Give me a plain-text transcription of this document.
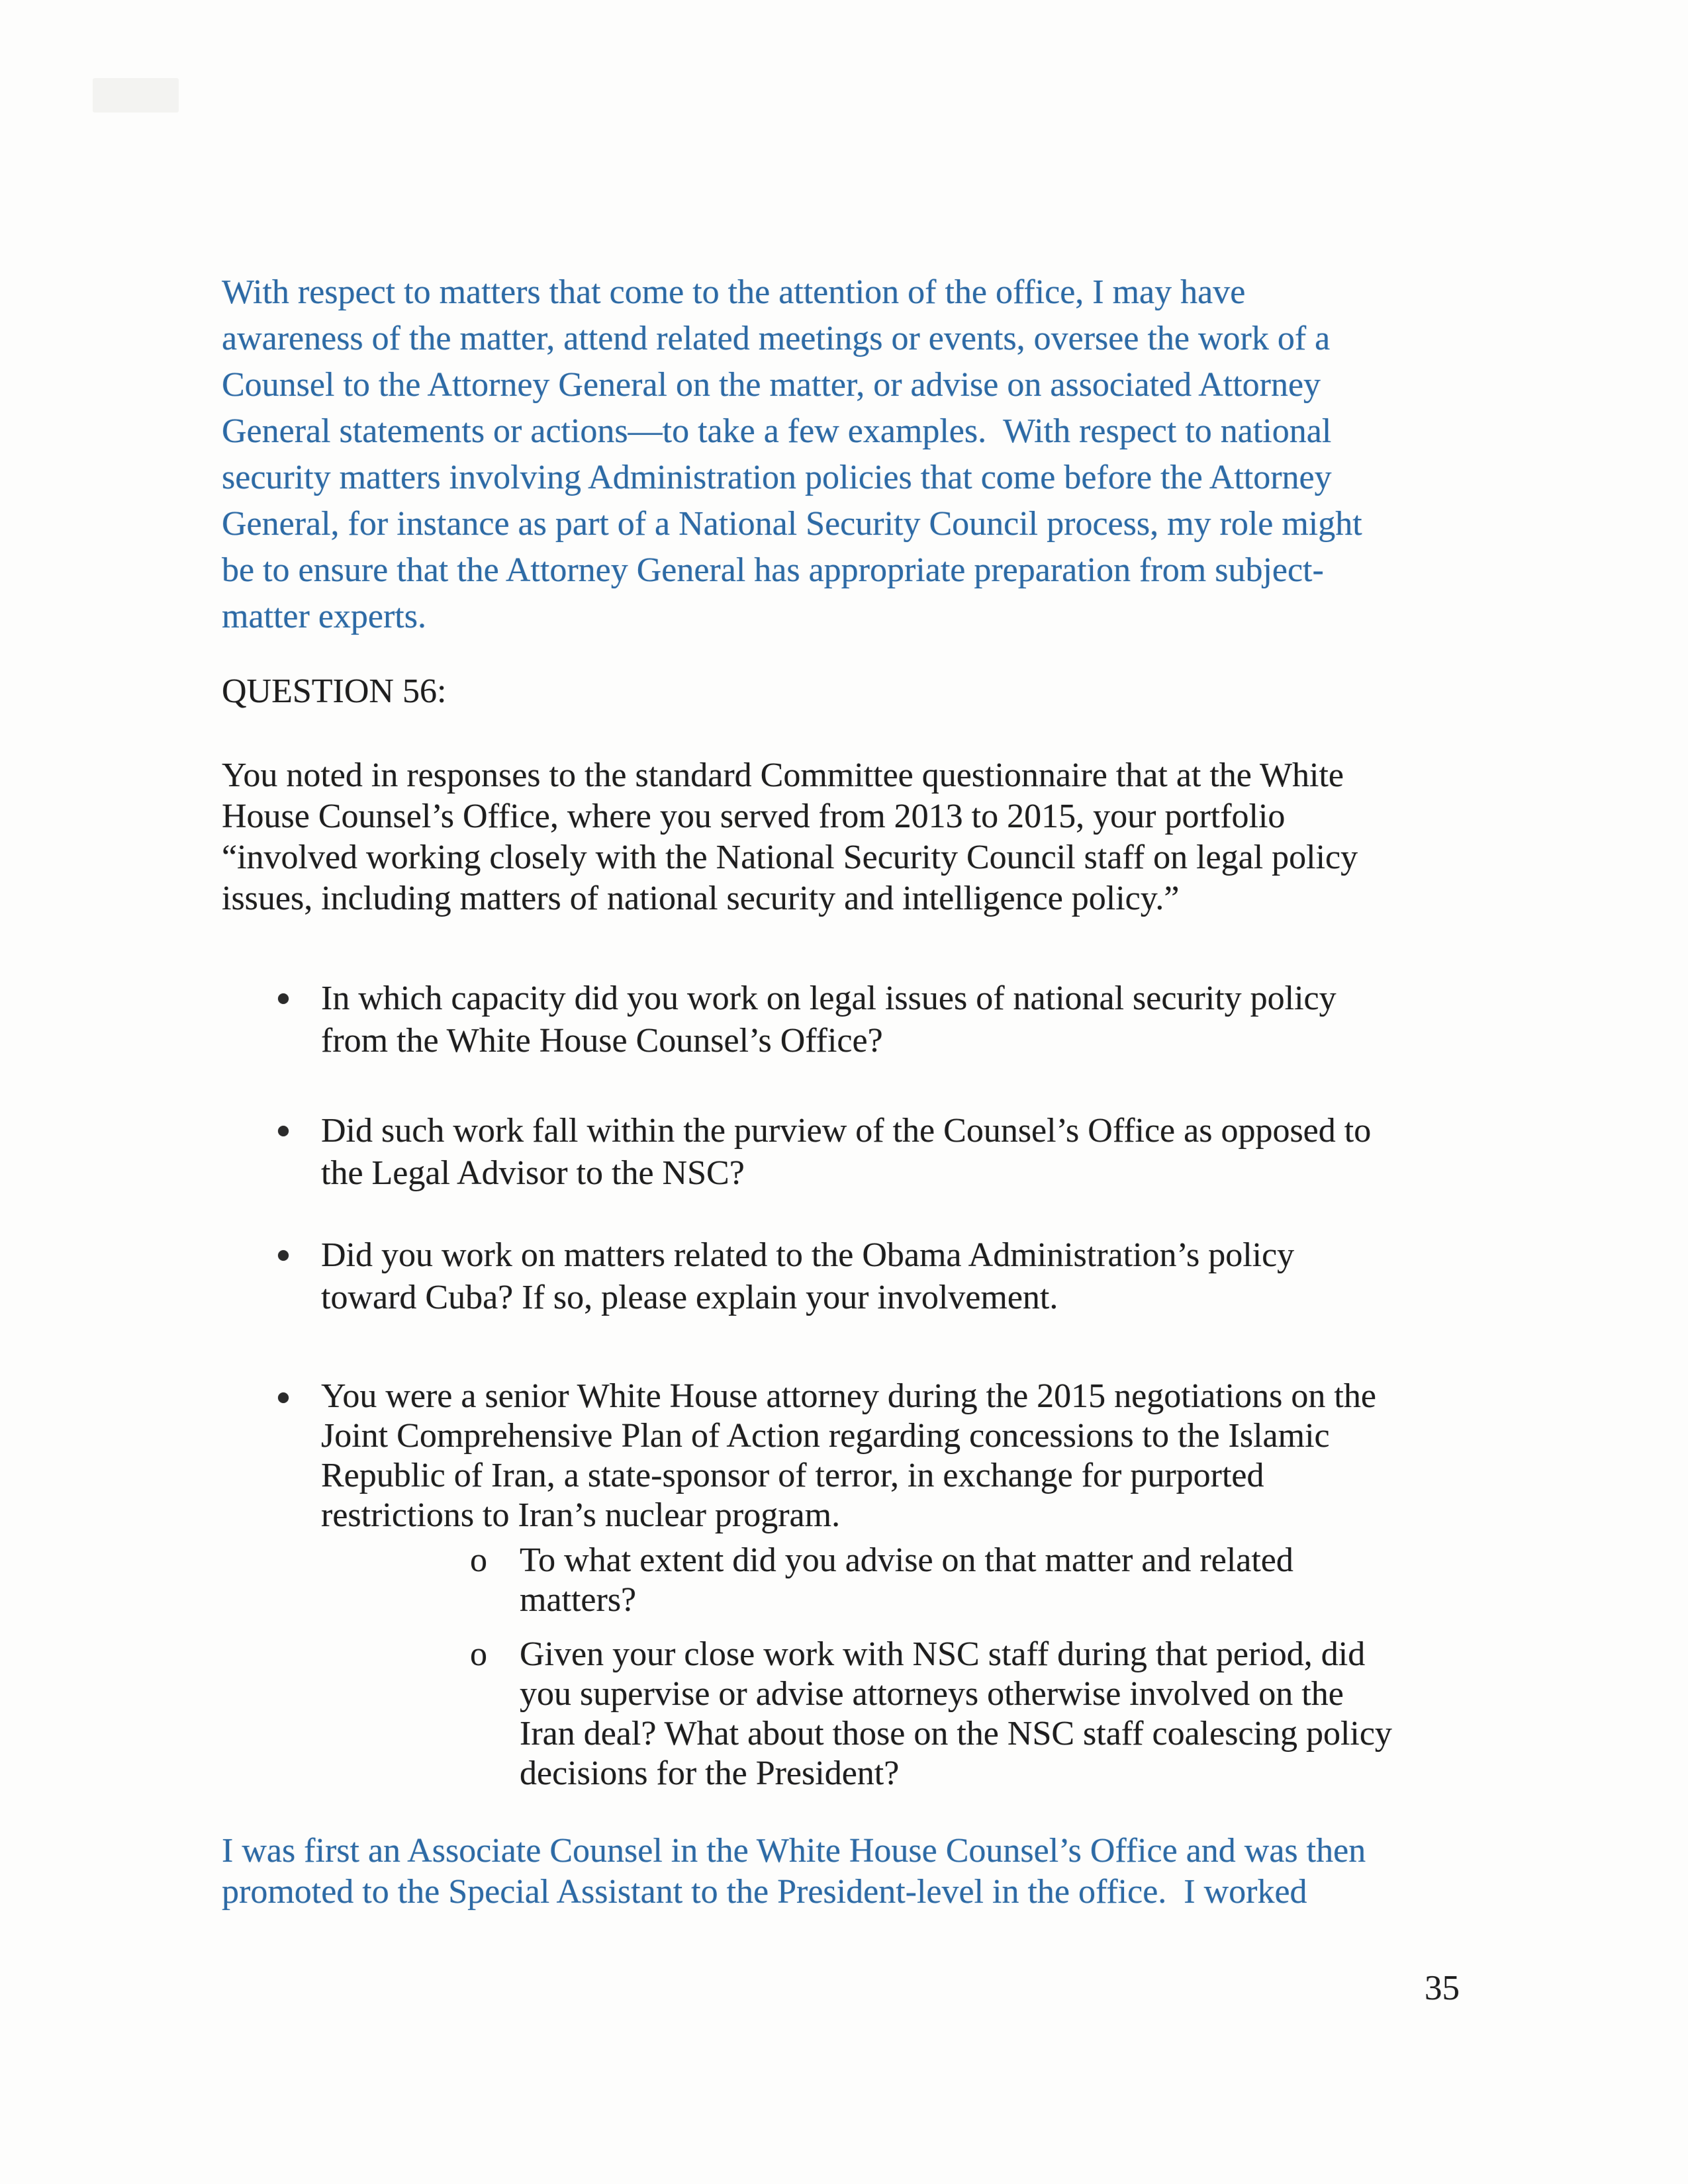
With respect to matters that come to the attention of the office, I may have
awareness of the matter, attend related meetings or events, oversee the work of a
Counsel to the Attorney General on the matter, or advise on associated Attorney
General statements or actions—to take a few examples.  With respect to national
security matters involving Administration policies that come before the Attorney
General, for instance as part of a National Security Council process, my role might
be to ensure that the Attorney General has appropriate preparation from subject-
matter experts.
QUESTION 56:
You noted in responses to the standard Committee questionnaire that at the White
House Counsel’s Office, where you served from 2013 to 2015, your portfolio
“involved working closely with the National Security Council staff on legal policy
issues, including matters of national security and intelligence policy.”
In which capacity did you work on legal issues of national security policy
from the White House Counsel’s Office?
Did such work fall within the purview of the Counsel’s Office as opposed to
the Legal Advisor to the NSC?
Did you work on matters related to the Obama Administration’s policy
toward Cuba? If so, please explain your involvement.
You were a senior White House attorney during the 2015 negotiations on the
Joint Comprehensive Plan of Action regarding concessions to the Islamic
Republic of Iran, a state-sponsor of terror, in exchange for purported
restrictions to Iran’s nuclear program.
o To what extent did you advise on that matter and related
matters?
o Given your close work with NSC staff during that period, did
you supervise or advise attorneys otherwise involved on the
Iran deal? What about those on the NSC staff coalescing policy
decisions for the President?
I was first an Associate Counsel in the White House Counsel’s Office and was then
promoted to the Special Assistant to the President-level in the office.  I worked
35
